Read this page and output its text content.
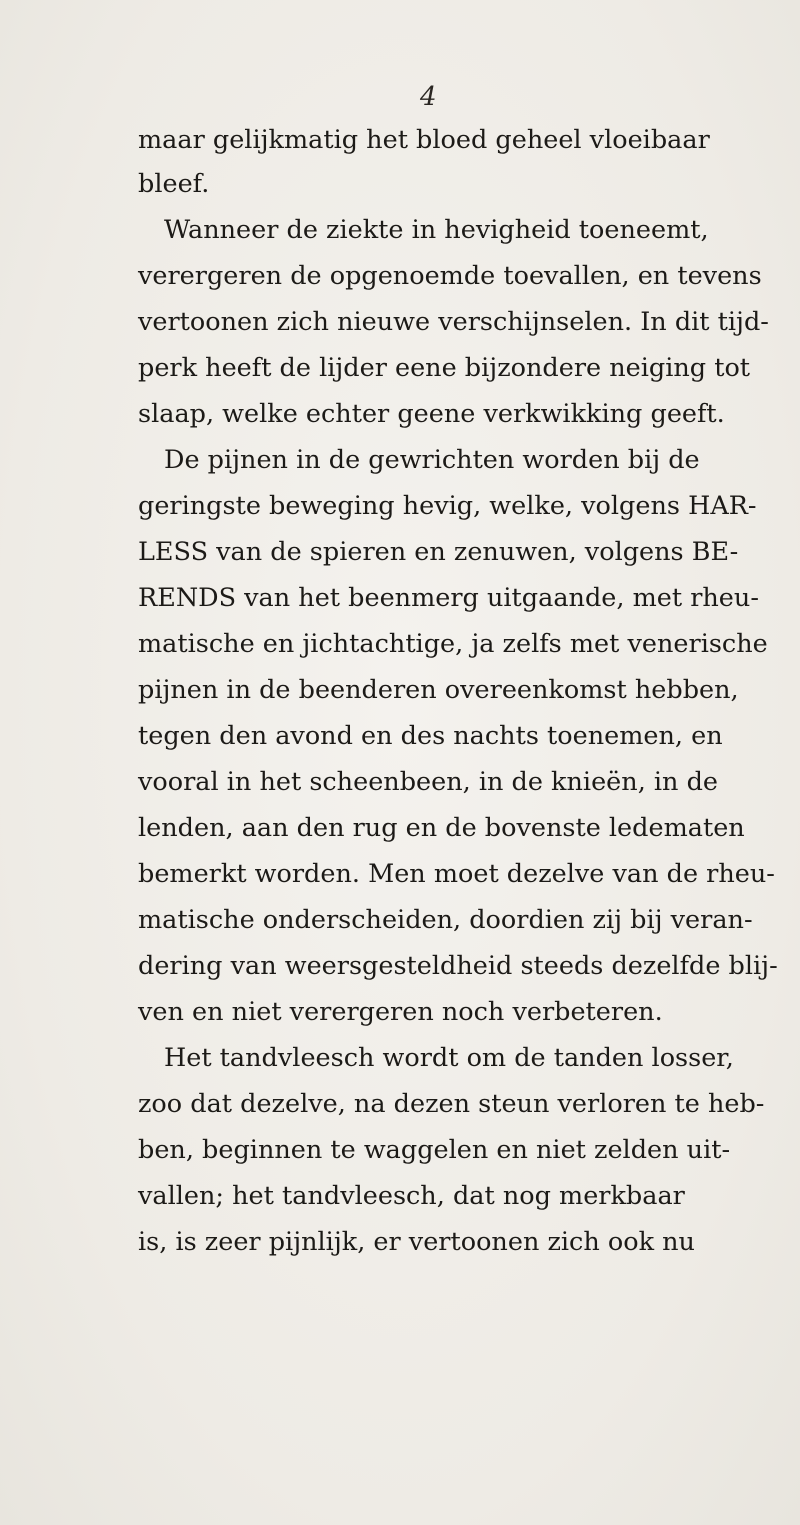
4
maar gelijkmatig het bloed geheel vloeibaar
bleef.
Wanneer de ziekte in hevigheid toeneemt,
verergeren de opgenoemde toevallen, en tevens
vertoonen zich nieuwe verschijnselen. In dit tijd-
perk heeft de lijder eene bijzondere neiging tot
slaap, welke echter geene verkwikking geeft.
De pijnen in de gewrichten worden bij de
geringste beweging hevig, welke, volgens HAR-
LESS van de spieren en zenuwen, volgens BE-
RENDS van het beenmerg uitgaande, met rheu-
matische en jichtachtige, ja zelfs met venerische
pijnen in de beenderen overeenkomst hebben,
tegen den avond en des nachts toenemen, en
vooral in het scheenbeen, in de knieën, in de
lenden, aan den rug en de bovenste ledematen
bemerkt worden. Men moet dezelve van de rheu-
matische onderscheiden, doordien zij bij veran-
dering van weersgesteldheid steeds dezelfde blij-
ven en niet verergeren noch verbeteren.
Het tandvleesch wordt om de tanden losser,
zoo dat dezelve, na dezen steun verloren te heb-
ben, beginnen te waggelen en niet zelden uit-
vallen; het tandvleesch, dat nog merkbaar
is, is zeer pijnlijk, er vertoonen zich ook nu
